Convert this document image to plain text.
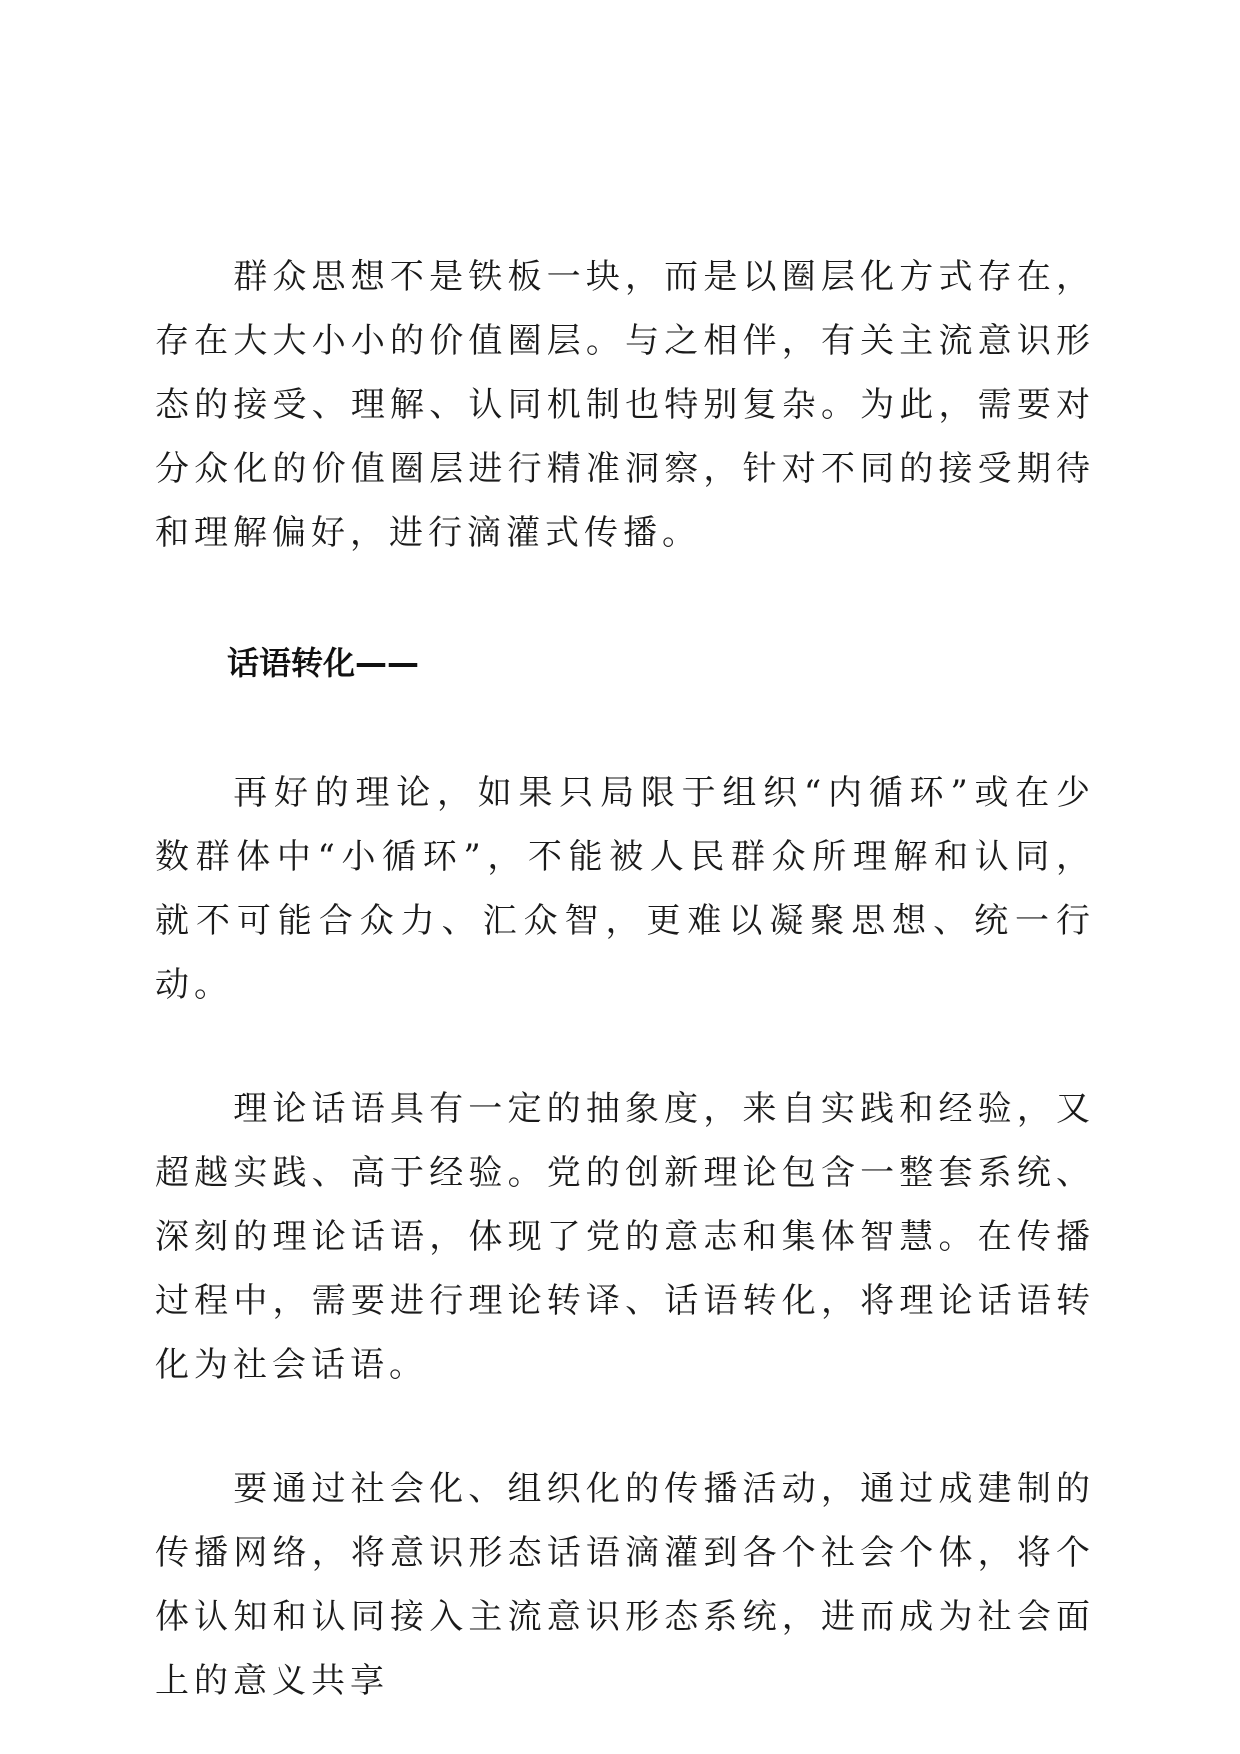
群众思想不是铁板一块，而是以圈层化方式存在，存在大大小小的价值圈层。与之相伴，有关主流意识形态的接受、理解、认同机制也特别复杂。为此，需要对分众化的价值圈层进行精准洞察，针对不同的接受期待和理解偏好，进行滴灌式传播。

话语转化——

再好的理论，如果只局限于组织“内循环”或在少数群体中“小循环”，不能被人民群众所理解和认同，就不可能合众力、汇众智，更难以凝聚思想、统一行动。

理论话语具有一定的抽象度，来自实践和经验，又超越实践、高于经验。党的创新理论包含一整套系统、深刻的理论话语，体现了党的意志和集体智慧。在传播过程中，需要进行理论转译、话语转化，将理论话语转化为社会话语。

要通过社会化、组织化的传播活动，通过成建制的传播网络，将意识形态话语滴灌到各个社会个体，将个体认知和认同接入主流意识形态系统，进而成为社会面上的意义共享
